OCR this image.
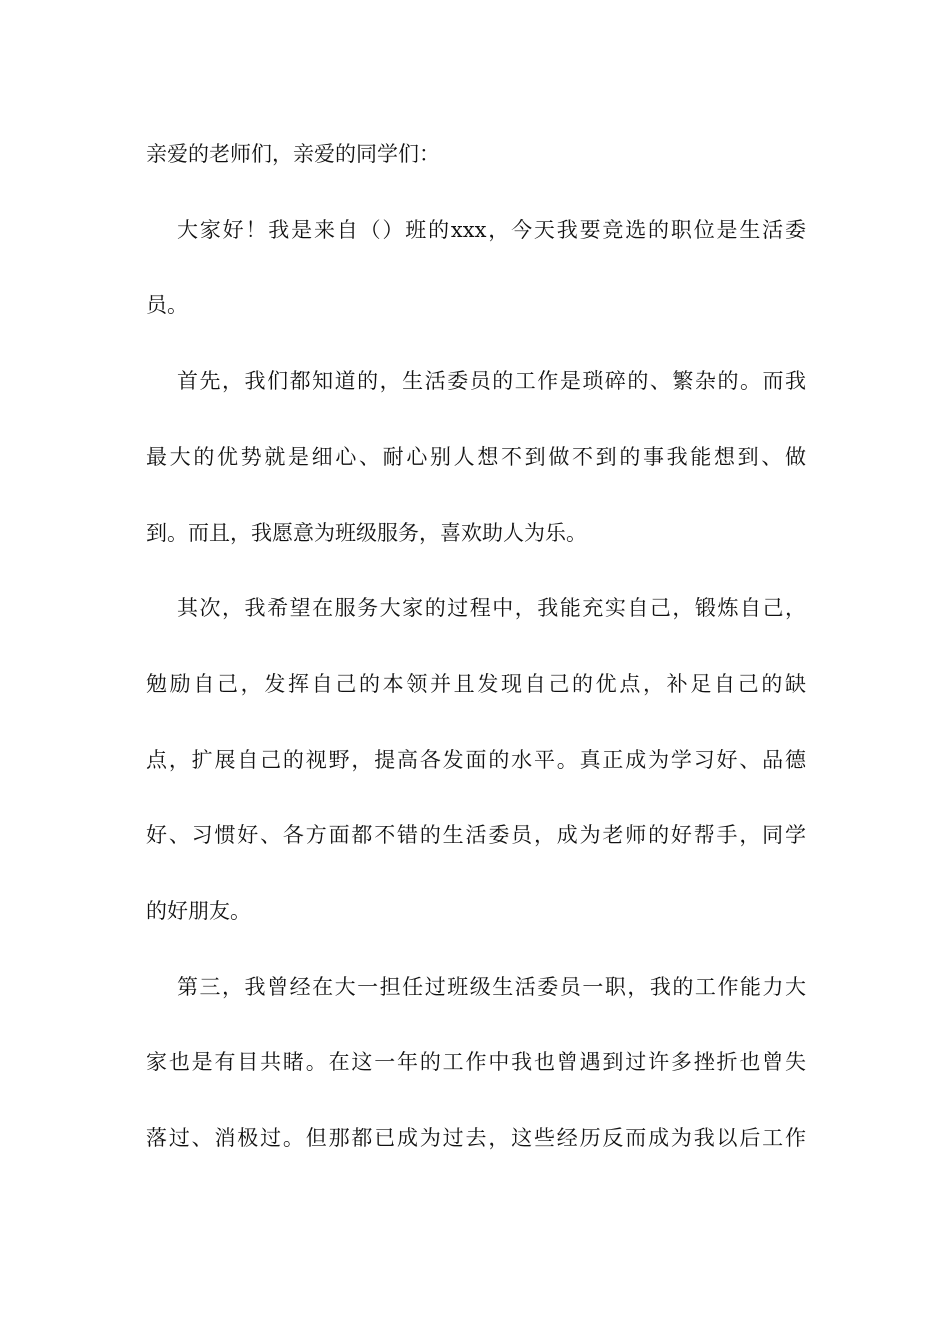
亲爱的老师们，亲爱的同学们：
大家好！我是来自（）班的xxx，今天我要竞选的职位是生活委
员。
首先，我们都知道的，生活委员的工作是琐碎的、繁杂的。而我
最大的优势就是细心、耐心别人想不到做不到的事我能想到、做
到。而且，我愿意为班级服务，喜欢助人为乐。
其次，我希望在服务大家的过程中，我能充实自己，锻炼自己，
勉励自己，发挥自己的本领并且发现自己的优点，补足自己的缺
点，扩展自己的视野，提高各发面的水平。真正成为学习好、品德
好、习惯好、各方面都不错的生活委员，成为老师的好帮手，同学
的好朋友。
第三，我曾经在大一担任过班级生活委员一职，我的工作能力大
家也是有目共睹。在这一年的工作中我也曾遇到过许多挫折也曾失
落过、消极过。但那都已成为过去，这些经历反而成为我以后工作
